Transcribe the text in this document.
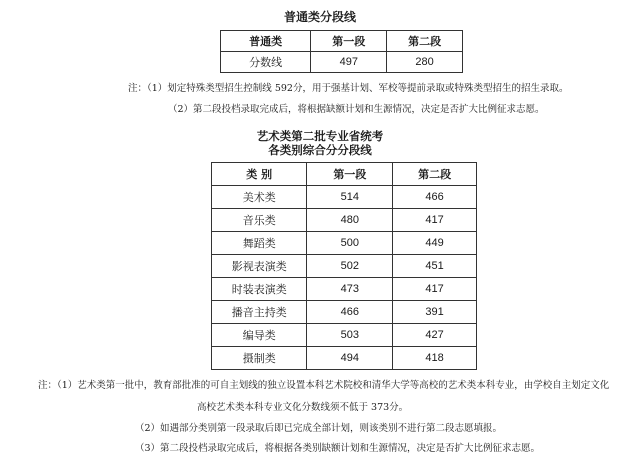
普通类分段线
普通类	第一段	第二段
分数线	497	280
注：（1）划定特殊类型招生控制线 592分，用于强基计划、军校等提前录取或特殊类型招生的招生录取。
（2）第二段投档录取完成后，将根据缺额计划和生源情况，决定是否扩大比例征求志愿。
艺术类第二批专业省统考
各类别综合分分段线
类 别	第一段	第二段
美术类	514	466
音乐类	480	417
舞蹈类	500	449
影视表演类	502	451
时装表演类	473	417
播音主持类	466	391
编导类	503	427
摄制类	494	418
注：（1）艺术类第一批中，教育部批准的可自主划线的独立设置本科艺术院校和清华大学等高校的艺术类本科专业，由学校自主划定文化
高校艺术类本科专业文化分数线须不低于 373分。
（2）如遇部分类别第一段录取后即已完成全部计划，则该类别不进行第二段志愿填报。
（3）第二段投档录取完成后，将根据各类别缺额计划和生源情况，决定是否扩大比例征求志愿。
